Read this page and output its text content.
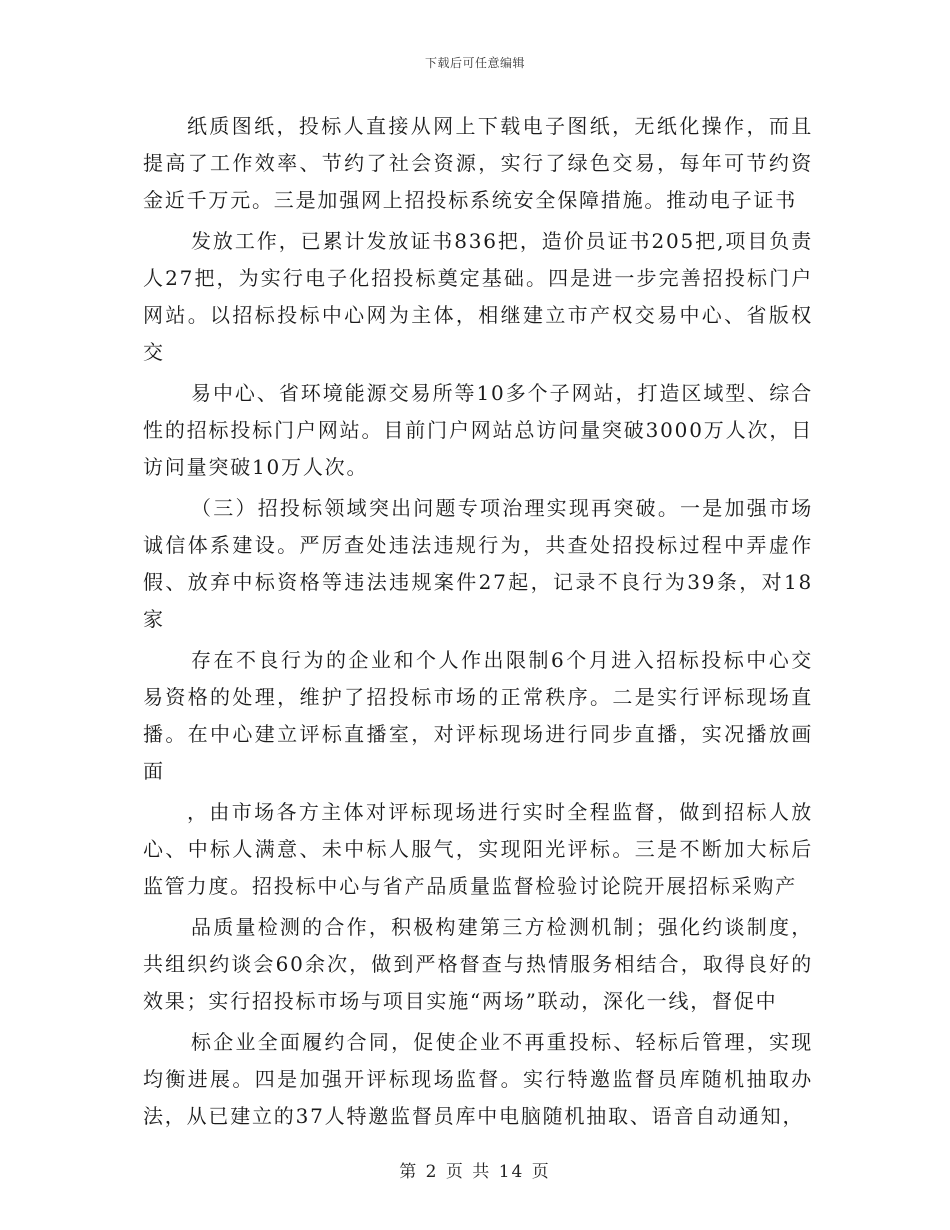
下载后可任意编辑

纸质图纸，投标人直接从网上下载电子图纸，无纸化操作，而且提高了工作效率、节约了社会资源，实行了绿色交易，每年可节约资金近千万元。三是加强网上招投标系统安全保障措施。推动电子证书

发放工作，已累计发放证书836把，造价员证书205把,项目负责人27把，为实行电子化招投标奠定基础。四是进一步完善招投标门户网站。以招标投标中心网为主体，相继建立市产权交易中心、省版权交

易中心、省环境能源交易所等10多个子网站，打造区域型、综合性的招标投标门户网站。目前门户网站总访问量突破3000万人次，日访问量突破10万人次。

（三）招投标领域突出问题专项治理实现再突破。一是加强市场诚信体系建设。严厉查处违法违规行为，共查处招投标过程中弄虚作假、放弃中标资格等违法违规案件27起，记录不良行为39条，对18家

存在不良行为的企业和个人作出限制6个月进入招标投标中心交易资格的处理，维护了招投标市场的正常秩序。二是实行评标现场直播。在中心建立评标直播室，对评标现场进行同步直播，实况播放画面

，由市场各方主体对评标现场进行实时全程监督，做到招标人放心、中标人满意、未中标人服气，实现阳光评标。三是不断加大标后监管力度。招投标中心与省产品质量监督检验讨论院开展招标采购产

品质量检测的合作，积极构建第三方检测机制；强化约谈制度，共组织约谈会60余次，做到严格督查与热情服务相结合，取得良好的效果；实行招投标市场与项目实施“两场”联动，深化一线，督促中

标企业全面履约合同，促使企业不再重投标、轻标后管理，实现均衡进展。四是加强开评标现场监督。实行特邀监督员库随机抽取办法，从已建立的37人特邀监督员库中电脑随机抽取、语音自动通知，

第 2 页 共 14 页
